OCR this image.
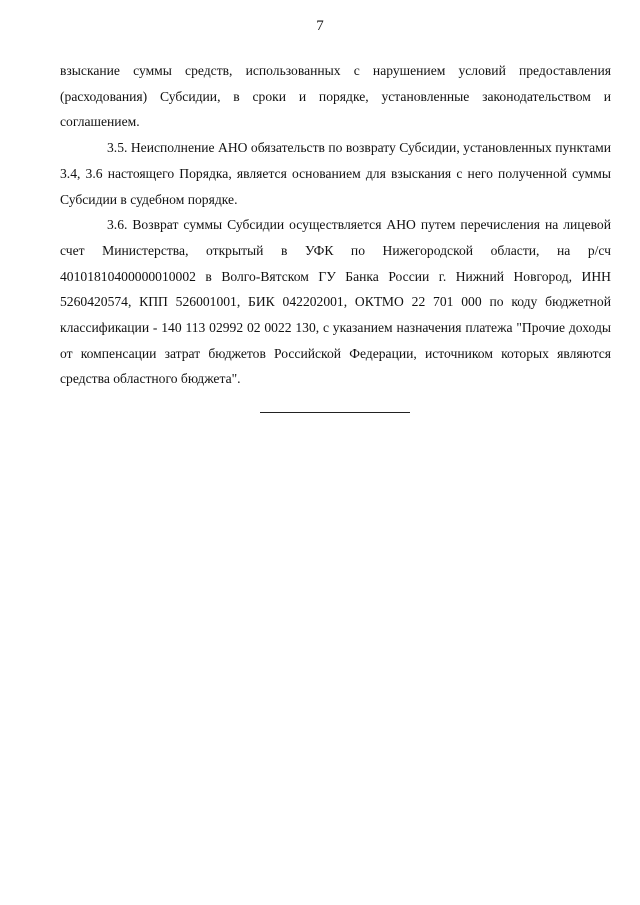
7

взыскание суммы средств, использованных с нарушением условий предоставления (расходования) Субсидии, в сроки и порядке, установленные законодательством и соглашением.

3.5. Неисполнение АНО обязательств по возврату Субсидии, установленных пунктами 3.4, 3.6 настоящего Порядка, является основанием для взыскания с него полученной суммы Субсидии в судебном порядке.

3.6. Возврат суммы Субсидии осуществляется АНО путем перечисления на лицевой счет Министерства, открытый в УФК по Нижегородской области, на р/сч 40101810400000010002 в Волго-Вятском ГУ Банка России г. Нижний Новгород, ИНН 5260420574, КПП 526001001, БИК 042202001, ОКТМО 22 701 000 по коду бюджетной классификации - 140 113 02992 02 0022 130, с указанием назначения платежа "Прочие доходы от компенсации затрат бюджетов Российской Федерации, источником которых являются средства областного бюджета".
